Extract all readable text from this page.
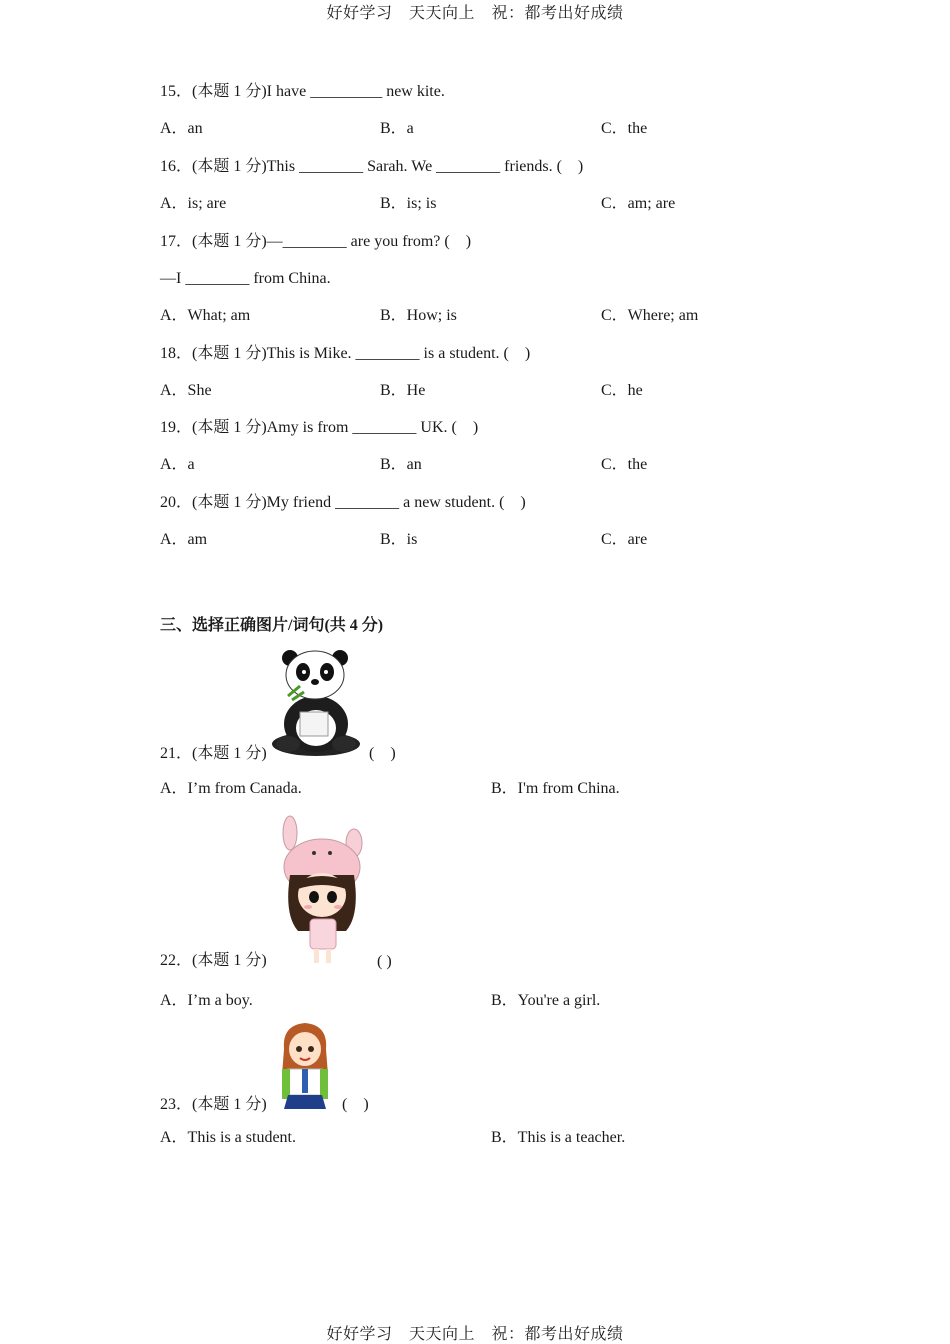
好好学习　天天向上　祝：都考出好成绩
15．(本题 1 分)I have _________ new kite.
A．an	B．a	C．the
16．(本题 1 分)This ________ Sarah. We ________ friends. (　)
A．is; are	B．is; is	C．am; are
17．(本题 1 分)—________ are you from? (　)
—I ________ from China.
A．What; am	B．How; is	C．Where; am
18．(本题 1 分)This is Mike. ________ is a student. (　)
A．She	B．He	C．he
19．(本题 1 分)Amy is from ________ UK. (　)
A．a	B．an	C．the
20．(本题 1 分)My friend ________ a new student. (　)
A．am	B．is	C．are
三、选择正确图片/词句(共 4 分)
21．(本题 1 分)	(　)
A．I’m from Canada.	B．I'm from China.
22．(本题 1 分)	( )
A．I’m a boy.	B．You're a girl.
23．(本题 1 分)	(　)
A．This is a student.	B．This is a teacher.
好好学习　天天向上　祝：都考出好成绩
